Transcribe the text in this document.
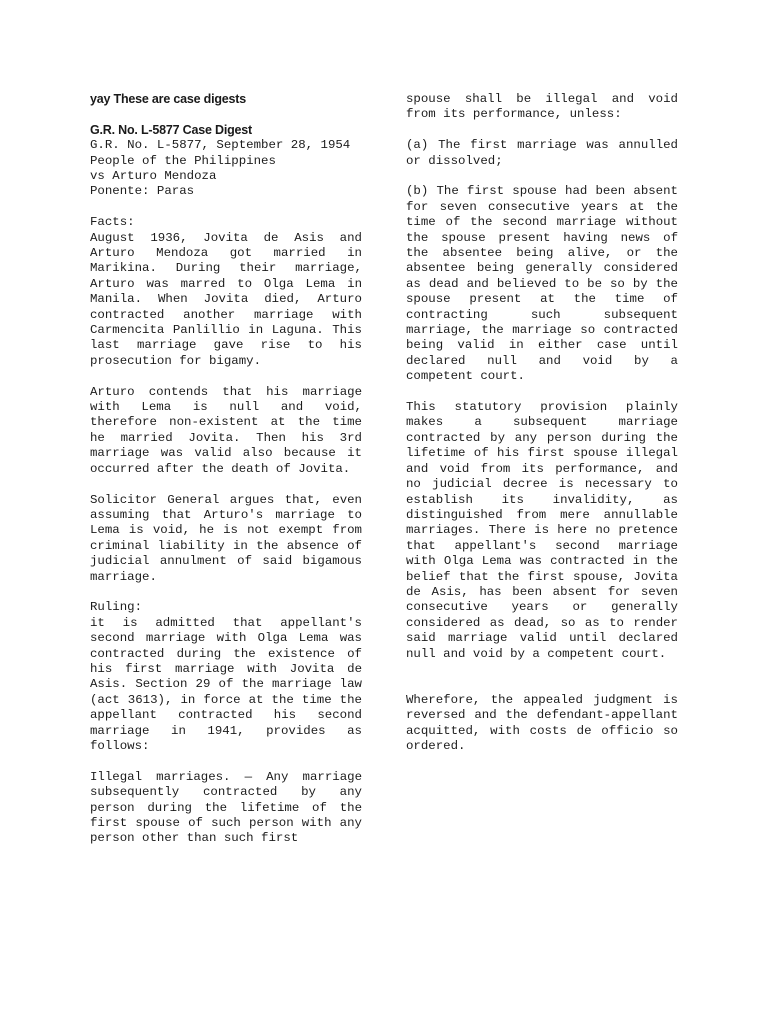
yay These are case digests
G.R. No. L-5877 Case Digest
G.R. No. L-5877, September 28, 1954
People of the Philippines
vs Arturo Mendoza
Ponente: Paras
Facts:

August 1936, Jovita de Asis and Arturo Mendoza got married in Marikina. During their marriage, Arturo was marred to Olga Lema in Manila. When Jovita died, Arturo contracted another marriage with Carmencita Panlillio in Laguna. This last marriage gave rise to his prosecution for bigamy.

Arturo contends that his marriage with Lema is null and void, therefore non-existent at the time he married Jovita. Then his 3rd marriage was valid also because it occurred after the death of Jovita.

Solicitor General argues that, even assuming that Arturo's marriage to Lema is void, he is not exempt from criminal liability in the absence of judicial annulment of said bigamous marriage.

Ruling:

it is admitted that appellant's second marriage with Olga Lema was contracted during the existence of his first marriage with Jovita de Asis. Section 29 of the marriage law (act 3613), in force at the time the appellant contracted his second marriage in 1941, provides as follows:

Illegal marriages. — Any marriage subsequently contracted by any person during the lifetime of the first spouse of such person with any person other than such first

spouse shall be illegal and void from its performance, unless:

(a) The first marriage was annulled or dissolved;

(b) The first spouse had been absent for seven consecutive years at the time of the second marriage without the spouse present having news of the absentee being alive, or the absentee being generally considered as dead and believed to be so by the spouse present at the time of contracting such subsequent marriage, the marriage so contracted being valid in either case until declared null and void by a competent court.

This statutory provision plainly makes a subsequent marriage contracted by any person during the lifetime of his first spouse illegal and void from its performance, and no judicial decree is necessary to establish its invalidity, as distinguished from mere annullable marriages. There is here no pretence that appellant's second marriage with Olga Lema was contracted in the belief that the first spouse, Jovita de Asis, has been absent for seven consecutive years or generally considered as dead, so as to render said marriage valid until declared null and void by a competent court.

Wherefore, the appealed judgment is reversed and the defendant-appellant acquitted, with costs de officio so ordered.
